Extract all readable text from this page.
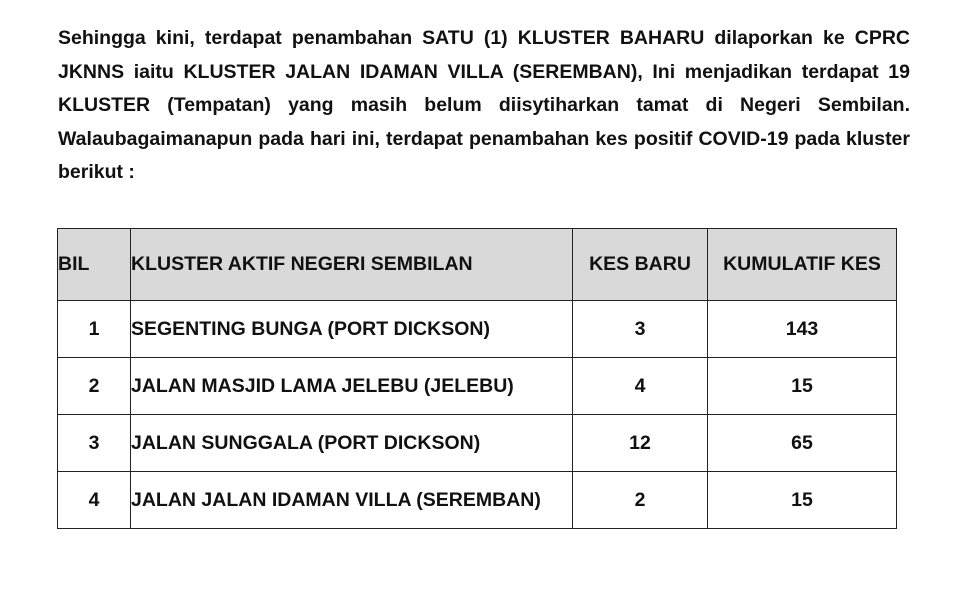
Sehingga kini, terdapat penambahan SATU (1) KLUSTER BAHARU dilaporkan ke CPRC
JKNNS iaitu KLUSTER JALAN IDAMAN VILLA (SEREMBAN), Ini menjadikan terdapat 19
KLUSTER (Tempatan) yang masih belum diisytiharkan tamat di Negeri Sembilan.
Walaubagaimanapun pada hari ini, terdapat penambahan kes positif COVID-19 pada kluster
berikut :
BIL	KLUSTER AKTIF NEGERI SEMBILAN	KES BARU	KUMULATIF KES
1	SEGENTING BUNGA (PORT DICKSON)	3	143
2	JALAN MASJID LAMA JELEBU (JELEBU)	4	15
3	JALAN SUNGGALA (PORT DICKSON)	12	65
4	JALAN JALAN IDAMAN VILLA (SEREMBAN)	2	15
